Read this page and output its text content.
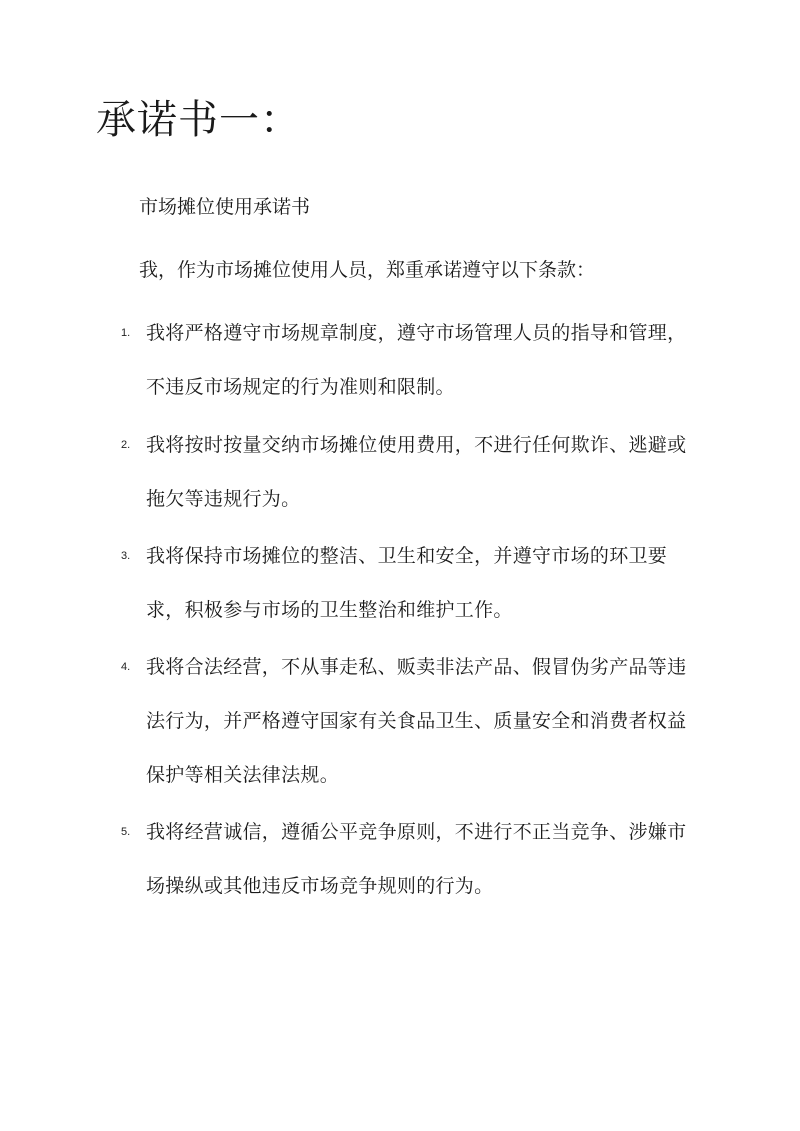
承诺书一：

市场摊位使用承诺书

我，作为市场摊位使用人员，郑重承诺遵守以下条款：

1. 我将严格遵守市场规章制度，遵守市场管理人员的指导和管理，不违反市场规定的行为准则和限制。
2. 我将按时按量交纳市场摊位使用费用，不进行任何欺诈、逃避或拖欠等违规行为。
3. 我将保持市场摊位的整洁、卫生和安全，并遵守市场的环卫要求，积极参与市场的卫生整治和维护工作。
4. 我将合法经营，不从事走私、贩卖非法产品、假冒伪劣产品等违法行为，并严格遵守国家有关食品卫生、质量安全和消费者权益保护等相关法律法规。
5. 我将经营诚信，遵循公平竞争原则，不进行不正当竞争、涉嫌市场操纵或其他违反市场竞争规则的行为。
